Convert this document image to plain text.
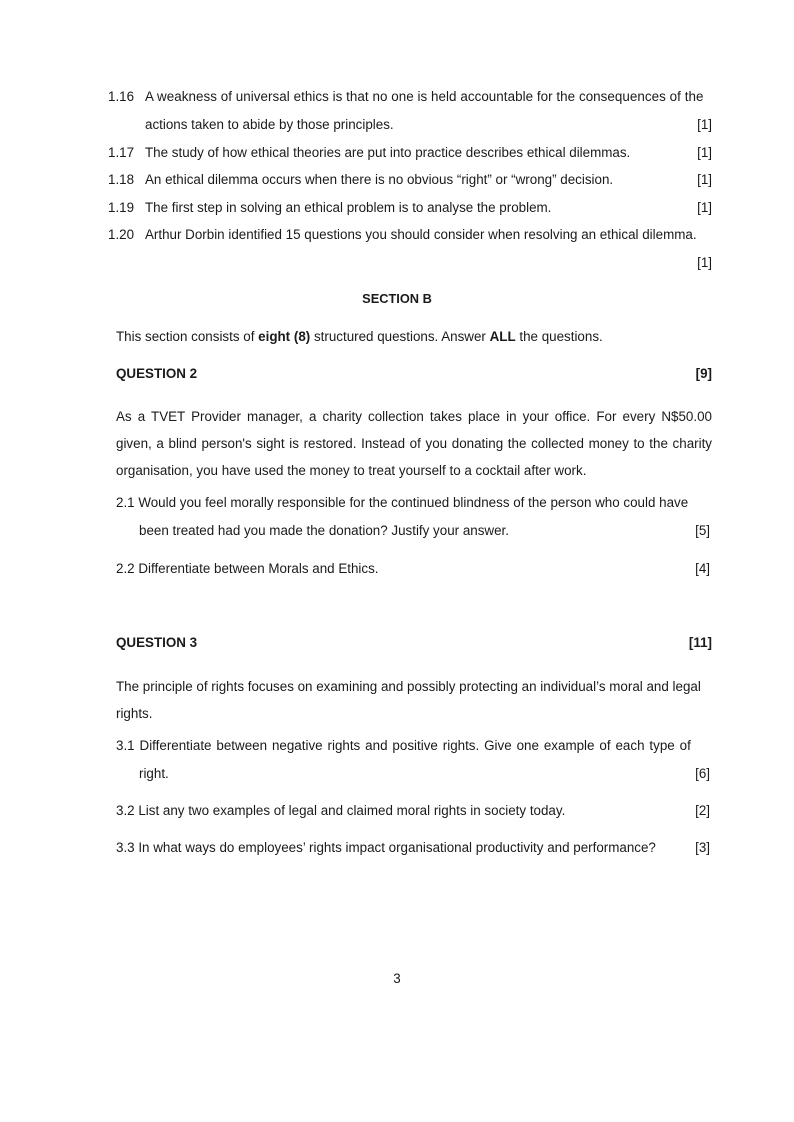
1.16 A weakness of universal ethics is that no one is held accountable for the consequences of the
actions taken to abide by those principles.	[1]
1.17 The study of how ethical theories are put into practice describes ethical dilemmas.	[1]
1.18 An ethical dilemma occurs when there is no obvious “right” or “wrong” decision.	[1]
1.19 The first step in solving an ethical problem is to analyse the problem.	[1]
1.20 Arthur Dorbin identified 15 questions you should consider when resolving an ethical dilemma.
[1]
SECTION B
This section consists of eight (8) structured questions. Answer ALL the questions.
QUESTION 2	[9]
As a TVET Provider manager, a charity collection takes place in your office. For every N$50.00 given, a blind person's sight is restored. Instead of you donating the collected money to the charity organisation, you have used the money to treat yourself to a cocktail after work.
2.1 Would you feel morally responsible for the continued blindness of the person who could have
been treated had you made the donation? Justify your answer.	[5]
2.2 Differentiate between Morals and Ethics.	[4]
QUESTION 3	[11]
The principle of rights focuses on examining and possibly protecting an individual’s moral and legal rights.
3.1 Differentiate between negative rights and positive rights. Give one example of each type of
right.	[6]
3.2 List any two examples of legal and claimed moral rights in society today.	[2]
3.3 In what ways do employees’ rights impact organisational productivity and performance?	[3]
3
